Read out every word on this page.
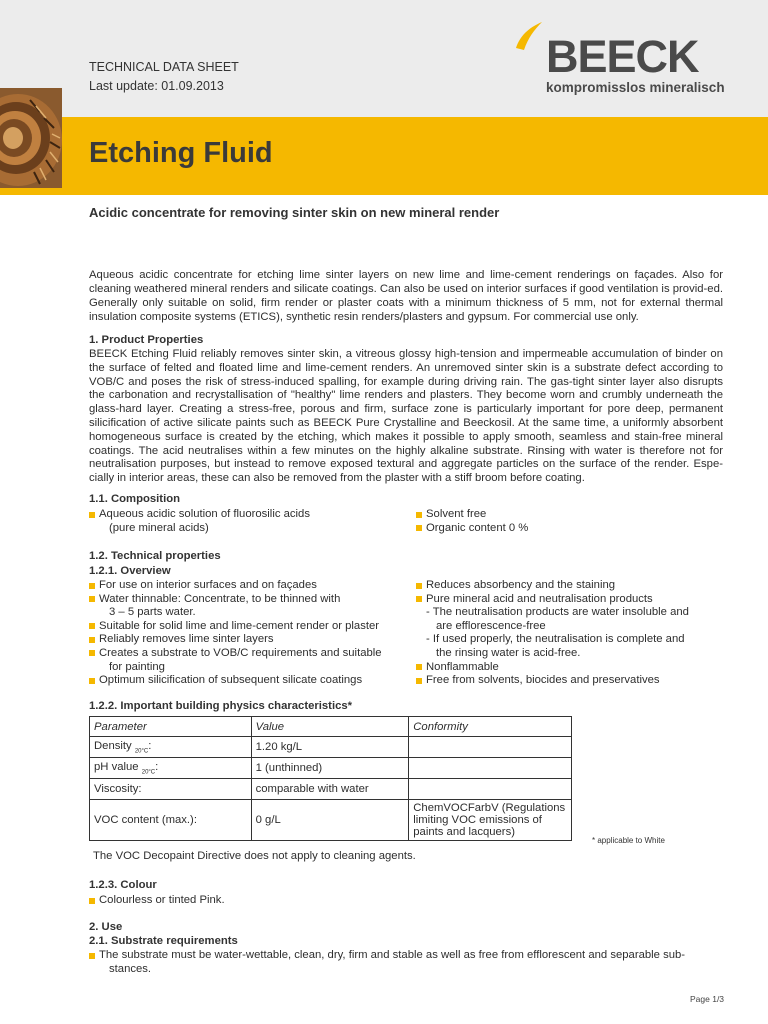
TECHNICAL DATA SHEET
Last update: 01.09.2013
BEECK
kompromisslos mineralisch
Etching Fluid
Acidic concentrate for removing sinter skin on new mineral render

Aqueous acidic concentrate for etching lime sinter layers on new lime and lime-cement renderings on façades. Also for cleaning weathered mineral renders and silicate coatings. Can also be used on interior surfaces if good ventilation is provid-ed. Generally only suitable on solid, firm render or plaster coats with a minimum thickness of 5 mm, not for external thermal insulation composite systems (ETICS), synthetic resin renders/plasters and gypsum. For commercial use only.

1. Product Properties

BEECK Etching Fluid reliably removes sinter skin, a vitreous glossy high-tension and impermeable accumulation of binder on the surface of felted and floated lime and lime-cement renders. An unremoved sinter skin is a substrate defect according to VOB/C and poses the risk of stress-induced spalling, for example during driving rain. The gas-tight sinter layer also disrupts the carbonation and recrystallisation of "healthy" lime renders and plasters. They become worn and crumbly underneath the glass-hard layer. Creating a stress-free, porous and firm, surface zone is particularly important for pore deep, permanent silicification of active silicate paints such as BEECK Pure Crystalline and Beeckosil. At the same time, a uniformly absorbent homogeneous surface is created by the etching, which makes it possible to apply smooth, seamless and stain-free mineral coatings. The acid neutralises within a few minutes on the highly alkaline substrate. Rinsing with water is therefore not for neutralisation purposes, but instead to remove exposed textural and aggregate particles on the surface of the render. Espe-cially in interior areas, these can also be removed from the plaster with a stiff broom before coating.

1.1. Composition
Aqueous acidic solution of fluorosilic acids
(pure mineral acids)
Solvent free
Organic content 0 %
1.2. Technical properties
1.2.1. Overview
For use on interior surfaces and on façades
Water thinnable: Concentrate, to be thinned with
3 – 5 parts water.
Suitable for solid lime and lime-cement render or plaster
Reliably removes lime sinter layers
Creates a substrate to VOB/C requirements and suitable
for painting
Optimum silicification of subsequent silicate coatings
Reduces absorbency and the staining
Pure mineral acid and neutralisation products
- The neutralisation products are water insoluble and
are efflorescence-free
- If used properly, the neutralisation is complete and
the rinsing water is acid-free.
Nonflammable
Free from solvents, biocides and preservatives
1.2.2. Important building physics characteristics*
Parameter	Value	Conformity
Density $_{20^\circ C}$:	1.20 kg/L	
pH value $_{20^\circ C}$:	1 (unthinned)	
Viscosity:	comparable with water	
VOC content (max.):	0 g/L	ChemVOCFarbV (Regulations limiting VOC emissions of paints and lacquers)
* applicable to White
The VOC Decopaint Directive does not apply to cleaning agents.
1.2.3. Colour
Colourless or tinted Pink.
2. Use
2.1. Substrate requirements
The substrate must be water-wettable, clean, dry, firm and stable as well as free from efflorescent and separable sub-
stances.
Page 1/3
